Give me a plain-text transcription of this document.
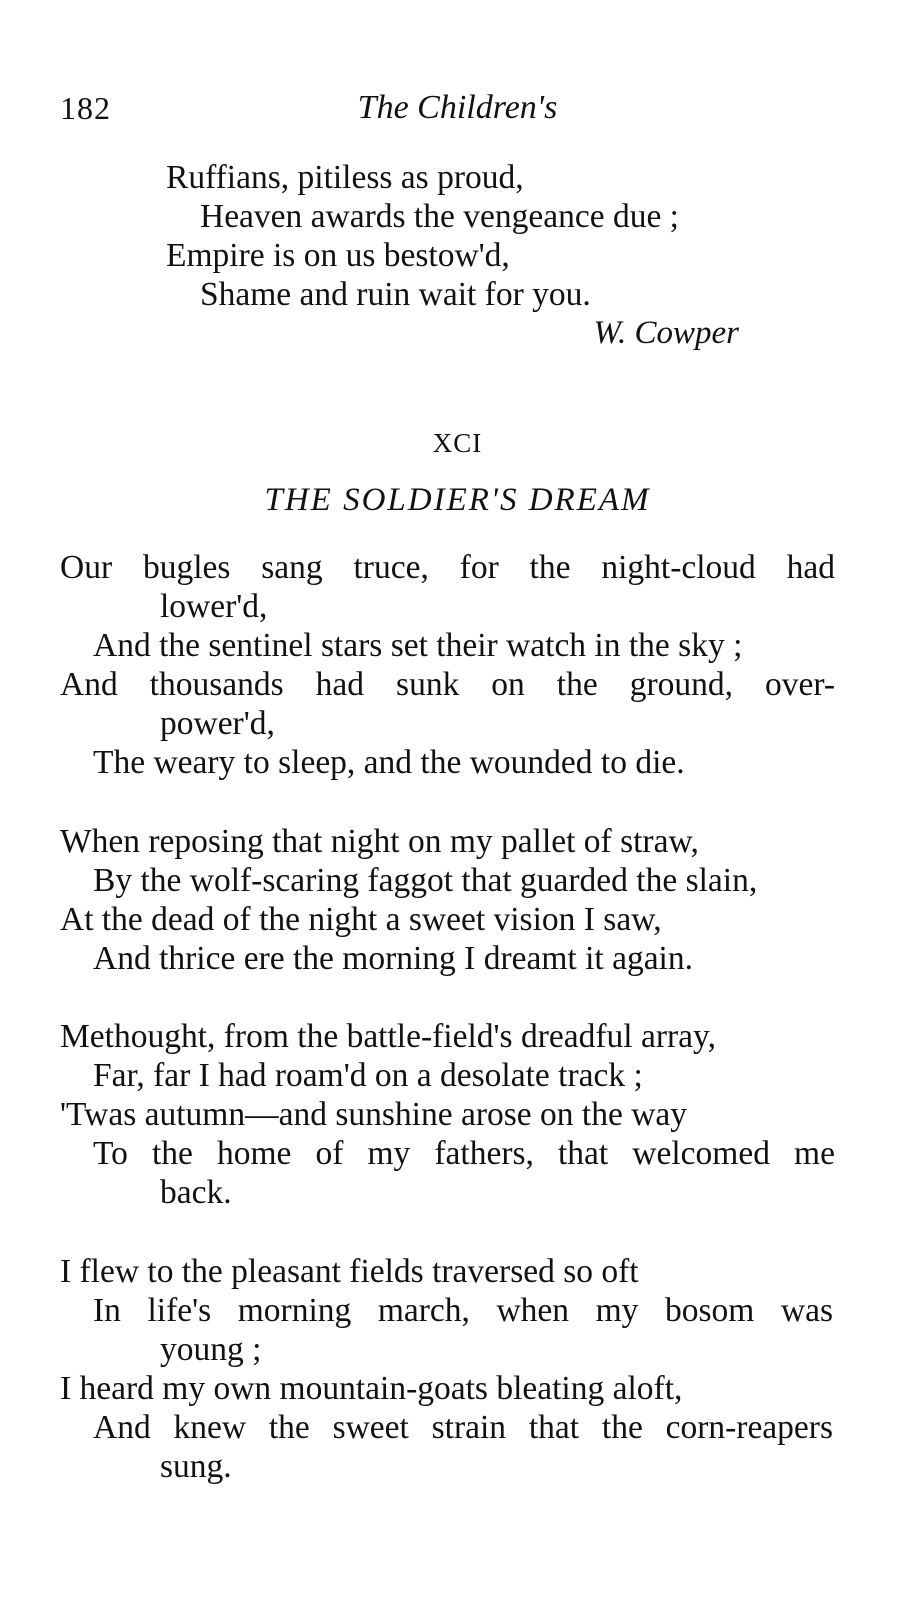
182	The Children's
Ruffians, pitiless as proud,
Heaven awards the vengeance due ;
Empire is on us bestow'd,
Shame and ruin wait for you.
W. Cowper
XCI
THE SOLDIER'S DREAM
Our bugles sang truce, for the night-cloud had
lower'd,
And the sentinel stars set their watch in the sky ;
And thousands had sunk on the ground, over-
power'd,
The weary to sleep, and the wounded to die.
When reposing that night on my pallet of straw,
By the wolf-scaring faggot that guarded the slain,
At the dead of the night a sweet vision I saw,
And thrice ere the morning I dreamt it again.
Methought, from the battle-field's dreadful array,
Far, far I had roam'd on a desolate track ;
'Twas autumn—and sunshine arose on the way
To the home of my fathers, that welcomed me
back.
I flew to the pleasant fields traversed so oft
In life's morning march, when my bosom was
young ;
I heard my own mountain-goats bleating aloft,
And knew the sweet strain that the corn-reapers
sung.
